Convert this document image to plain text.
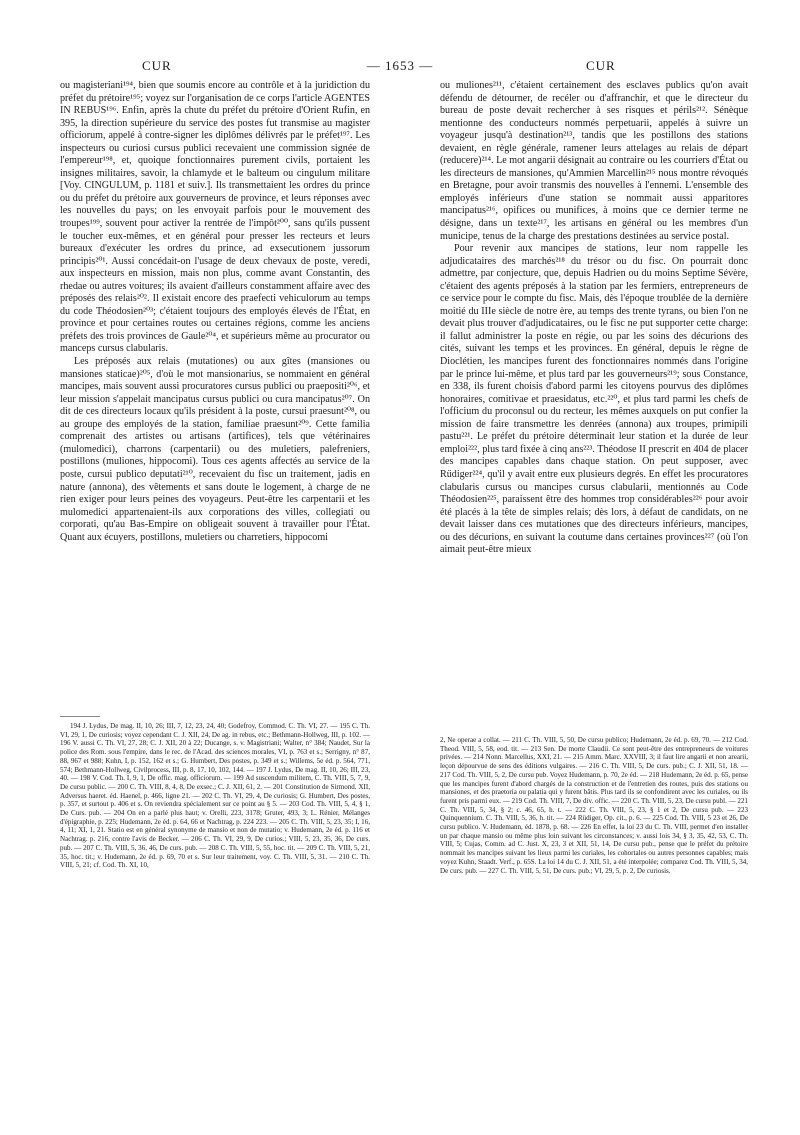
CUR	— 1653 —	CUR

ou magisteriani¹⁹⁴, bien que soumis encore au contrôle et à la juridiction du préfet du prétoire¹⁹⁵; voyez sur l'organisation de ce corps l'article AGENTES IN REBUS¹⁹⁶. Enfin, après la chute du préfet du prétoire d'Orient Rufin, en 395, la direction supérieure du service des postes fut transmise au magister officiorum, appelé à contre-signer les diplômes délivrés par le préfet¹⁹⁷. Les inspecteurs ou curiosi cursus publici recevaient une commission signée de l'empereur¹⁹⁸, et, quoique fonctionnaires purement civils, portaient les insignes militaires, savoir, la chlamyde et le balteum ou cingulum militare [Voy. CINGULUM, p. 1181 et suiv.]. Ils transmettaient les ordres du prince ou du préfet du prétoire aux gouverneurs de province, et leurs réponses avec les nouvelles du pays; on les envoyait parfois pour le mouvement des troupes¹⁹⁹, souvent pour activer la rentrée de l'impôt²⁰⁰, sans qu'ils pussent le toucher eux-mêmes, et en général pour presser les recteurs et leurs bureaux d'exécuter les ordres du prince, ad exsecutionem jussorum principis²⁰¹. Aussi concédait-on l'usage de deux chevaux de poste, veredi, aux inspecteurs en mission, mais non plus, comme avant Constantin, des rhedae ou autres voitures; ils avaient d'ailleurs constamment affaire avec des préposés des relais²⁰². Il existait encore des praefecti vehiculorum au temps du code Théodosien²⁰³; c'étaient toujours des employés élevés de l'État, en province et pour certaines routes ou certaines régions, comme les anciens préfets des trois provinces de Gaule²⁰⁴, et supérieurs même au procurator ou manceps cursus clabularis.

Les préposés aux relais (mutationes) ou aux gîtes (mansiones ou mansiones staticae)²⁰⁵, d'où le mot mansionarius, se nommaient en général mancipes, mais souvent aussi procuratores cursus publici ou praepositi²⁰⁶, et leur mission s'appelait mancipatus cursus publici ou cura mancipatus²⁰⁷. On dit de ces directeurs locaux qu'ils président à la poste, cursui praesunt²⁰⁸, ou au groupe des employés de la station, familiae praesunt²⁰⁹. Cette familia comprenait des artistes ou artisans (artifices), tels que vétérinaires (mulomedici), charrons (carpentarii) ou des muletiers, palefreniers, postillons (muliones, hippocomi). Tous ces agents affectés au service de la poste, cursui publico deputati²¹⁰, recevaient du fisc un traitement, jadis en nature (annona), des vêtements et sans doute le logement, à charge de ne rien exiger pour leurs peines des voyageurs. Peut-être les carpentarii et les mulomedici appartenaient-ils aux corporations des villes, collegiati ou corporati, qu'au Bas-Empire on obligeait souvent à travailler pour l'État. Quant aux écuyers, postillons, muletiers ou charretiers, hippocomi

ou muliones²¹¹, c'étaient certainement des esclaves publics qu'on avait défendu de détourner, de recéler ou d'affranchir, et que le directeur du bureau de poste devait rechercher à ses risques et périls²¹². Sénèque mentionne des conducteurs nommés perpetuarii, appelés à suivre un voyageur jusqu'à destination²¹³, tandis que les postillons des stations devaient, en règle générale, ramener leurs attelages au relais de départ (reducere)²¹⁴. Le mot angarii désignait au contraire ou les courriers d'État ou les directeurs de mansiones, qu'Ammien Marcellin²¹⁵ nous montre révoqués en Bretagne, pour avoir transmis des nouvelles à l'ennemi. L'ensemble des employés inférieurs d'une station se nommait aussi apparitores mancipatus²¹⁶, opifices ou munifices, à moins que ce dernier terme ne désigne, dans un texte²¹⁷, les artisans en général ou les membres d'un municipe, tenus de la charge des prestations destinées au service postal.

Pour revenir aux mancipes de stations, leur nom rappelle les adjudicataires des marchés²¹⁸ du trésor ou du fisc. On pourrait donc admettre, par conjecture, que, depuis Hadrien ou du moins Septime Sévère, c'étaient des agents préposés à la station par les fermiers, entrepreneurs de ce service pour le compte du fisc. Mais, dès l'époque troublée de la dernière moitié du IIIe siècle de notre ère, au temps des trente tyrans, ou bien l'on ne devait plus trouver d'adjudicataires, ou le fisc ne put supporter cette charge: il fallut administrer la poste en régie, ou par les soins des décurions des cités, suivant les temps et les provinces. En général, depuis le règne de Dioclétien, les mancipes furent des fonctionnaires nommés dans l'origine par le prince lui-même, et plus tard par les gouverneurs²¹⁹; sous Constance, en 338, ils furent choisis d'abord parmi les citoyens pourvus des diplômes honoraires, comitivae et praesidatus, etc.²²⁰, et plus tard parmi les chefs de l'officium du proconsul ou du recteur, les mêmes auxquels on put confier la mission de faire transmettre les denrées (annona) aux troupes, primipili pastu²²¹. Le préfet du prétoire déterminait leur station et la durée de leur emploi²²², plus tard fixée à cinq ans²²³. Théodose II prescrit en 404 de placer des mancipes capables dans chaque station. On peut supposer, avec Rüdiger²²⁴, qu'il y avait entre eux plusieurs degrés. En effet les procuratores clabularis cursus ou mancipes cursus clabularii, mentionnés au Code Théodosien²²⁵, paraissent être des hommes trop considérables²²⁶ pour avoir été placés à la tête de simples relais; dès lors, à défaut de candidats, on ne devait laisser dans ces mutationes que des directeurs inférieurs, mancipes, ou des décurions, en suivant la coutume dans certaines provinces²²⁷ (où l'on aimait peut-être mieux

194 J. Lydus, De mag. II, 10, 26; III, 7, 12, 23, 24, 40; Godefroy, Commod. C. Th. VI, 27. — 195 C. Th. VI, 29, 1, De curiosis; voyez cependant C. J. XII, 24, De ag. in rebus, etc.; Bethmann-Hollweg, III, p. 102. — 196 V. aussi C. Th. VI, 27, 28; C. J. XII, 20 à 22; Ducange, s. v. Magistriani; Walter, n° 384; Naudet, Sur la police des Rom. sous l'empire, dans le rec. de l'Acad. des sciences morales, VI, p. 763 et s.; Serrigny, n° 87, 88, 967 et 988; Kuhn, I, p. 152, 162 et s.; G. Humbert, Des postes, p. 349 et s.; Willems, 5e éd. p. 564, 771, 574; Bethmann-Hollweg, Civilprocess, III, p. 8, 17, 10, 102, 144. — 197 J. Lydus, De mag. II, 10, 26; III, 23, 40. — 198 V. Cod. Th. I, 9, 1, De offic. mag. officiorum. — 199 Ad suscendum militem, C. Th. VIII, 5, 7, 9, De cursu public. — 200 C. Th. VIII, 8, 4, 8, De exsec.; C. J. XII, 61, 2. — 201 Constitution de Sirmond. XII, Adversus haeret. éd. Haenel, p. 466, ligne 21. — 202 C. Th. VI, 29, 4, De curiosis; G. Humbert, Des postes, p. 357, et surtout p. 406 et s. On reviendra spécialement sur ce point au § 5. — 203 Cod. Th. VIII, 5, 4, § 1, De Curs. pub. — 204 On en a parlé plus haut; v. Orelli, 223, 3178; Gruter, 493, 3; L. Rénier, Mélanges d'épigraphie, p. 225; Hudemann, 2e éd. p. 64, 66 et Nachtrag, p. 224 223. — 205 C. Th. VIII, 5, 23, 35; I, 16, 4, 11; XI, 1, 21. Statio est en général synonyme de mansio et non de mutatio; v. Hudemann, 2e éd. p. 116 et Nachtrag. p. 216, contre l'avis de Becker. — 206 C. Th. VI, 29, 9, De curios.; VIII, 5, 23, 35, 36, De curs. pub. — 207 C. Th. VIII, 5, 36, 46, De curs. pub. — 208 C. Th. VIII, 5, 55, hoc. tit. — 209 C. Th. VIII, 5, 21, 35, hoc. tit.; v. Hudemann, 2e éd. p. 69, 70 et s. Sur leur traitement, voy. C. Th. VIII, 5, 31. — 210 C. Th. VIII, 5, 21; cf. Cod. Th. XI, 10,

2, Ne operae a collat. — 211 C. Th. VIII, 5, 50, De cursu publico; Hudemann, 2e éd. p. 69, 70. — 212 Cod. Theod. VIII, 5, 58, eod. tit. — 213 Sen. De morte Claudii. Ce sont peut-être des entrepreneurs de voitures privées. — 214 Nonn. Marcellus, XXI, 21. — 215 Amm. Marc. XXVIII, 3; il faut lire angarii et non arearii, leçon dépourvue de sens des éditions vulgaires. — 216 C. Th. VIII, 5, De curs. pub.; C. J. XII, 51, 18. — 217 Cod. Th. VIII, 5, 2, De cursu pub. Voyez Hudemann, p. 70, 2e éd. — 218 Hudemann, 2e éd. p. 65, pense que les mancipes furent d'abord chargés de la construction et de l'entretien des routes, puis des stations ou mansiones, et des praetoria ou palatia qui y furent bâtis. Plus tard ils se confondirent avec les curiales, ou ils furent pris parmi eux. — 219 Cod. Th. VIII, 7, De div. offic. — 220 C. Th. VIII, 5, 23, De cursu publ. — 221 C. Th. VIII, 5, 34, § 2; c. 46, 65, h. t. — 222 C. Th. VIII, 5, 23, § 1 et 2, De cursu pub. — 223 Quinquennium. C. Th. VIII, 5, 36, h. tit. — 224 Rüdiger, Op. cit., p. 6. — 225 Cod. Th. VIII, 5 23 et 26, De cursu publico. V. Hudemann, éd. 1878, p. 68. — 226 En effet, la loi 23 du C. Th. VIII, permet d'en installer un par chaque mansio ou même plus loin suivant les circonstances; v. aussi lois 34, § 3, 35, 42, 53, C. Th. VIII, 5; Cujas, Comm. ad C. Just. X, 23, 3 et XII, 51, 14, De cursu pub., pense que le préfet du prétoire nommait les mancipes suivant les lieux parmi les curiales, les cohortales ou autres personnes capables; mais voyez Kuhn, Staadt. Verf., p. 65S. La loi 14 du C. J. XII, 51, a été interpolée; comparez Cod. Th. VIII, 5, 34, De curs. pub. — 227 C. Th. VIII, 5, 51, De curs. pub.; VI, 29, 5, p. 2, De curiosis.
